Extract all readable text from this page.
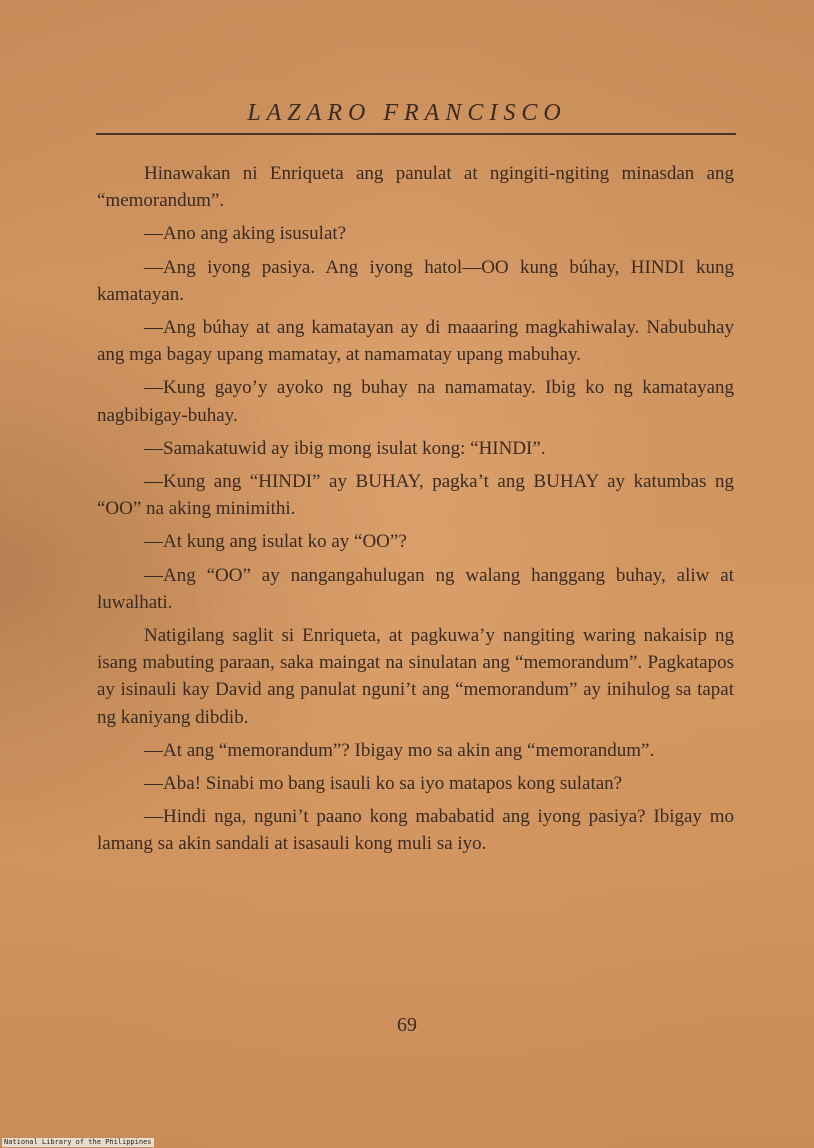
LAZARO FRANCISCO

Hinawakan ni Enriqueta ang panulat at ngingiti-ngiting minasdan ang “memorandum”.

—Ano ang aking isusulat?

—Ang iyong pasiya. Ang iyong hatol—OO kung búhay, HINDI kung kamatayan.

—Ang búhay at ang kamatayan ay di maaaring magkahiwalay. Nabubuhay ang mga bagay upang mamatay, at namamatay upang mabuhay.

—Kung gayo’y ayoko ng buhay na namamatay. Ibig ko ng kamatayang nagbibigay-buhay.

—Samakatuwid ay ibig mong isulat kong: “HINDI”.

—Kung ang “HINDI” ay BUHAY, pagka’t ang BUHAY ay katumbas ng “OO” na aking minimithi.

—At kung ang isulat ko ay “OO”?

—Ang “OO” ay nangangahulugan ng walang hanggang buhay, aliw at luwalhati.

Natigilang saglit si Enriqueta, at pagkuwa’y nangiting waring nakaisip ng isang mabuting paraan, saka maingat na sinulatan ang “memorandum”. Pagkatapos ay isinauli kay David ang panulat nguni’t ang “memorandum” ay inihulog sa tapat ng kaniyang dibdib.

—At ang “memorandum”? Ibigay mo sa akin ang “memorandum”.

—Aba! Sinabi mo bang isauli ko sa iyo matapos kong sulatan?

—Hindi nga, nguni’t paano kong mababatid ang iyong pasiya? Ibigay mo lamang sa akin sandali at isasauli kong muli sa iyo.

69
National Library of the Philippines
